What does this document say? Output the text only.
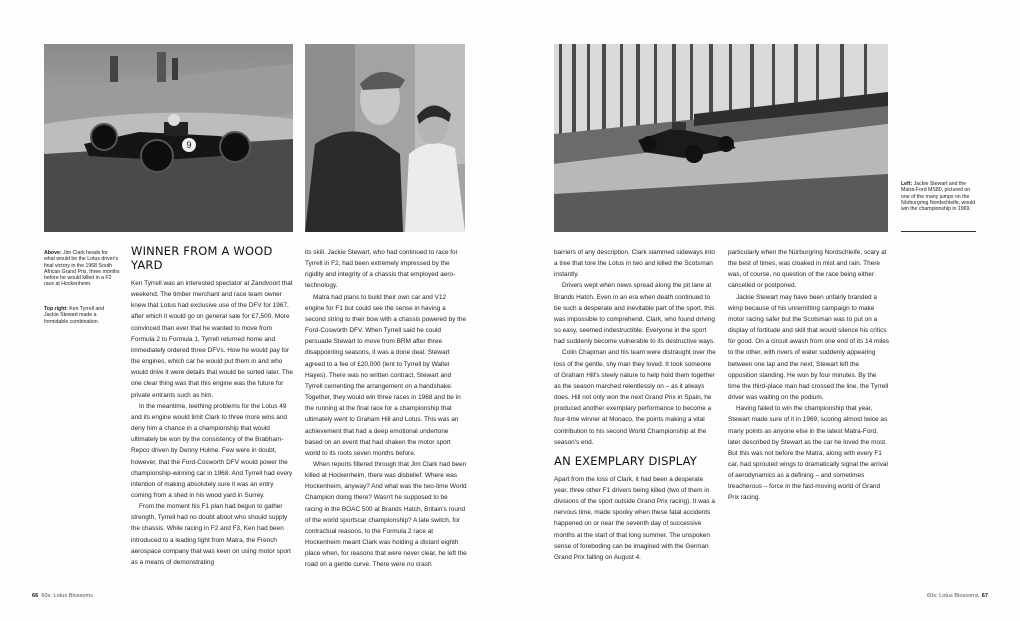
9
Above: Jim Clark heads for what would be the Lotus driver's final victory in the 1968 South African Grand Prix, three months before he would killed in a F2 race at Hockenheim.
Top right: Ken Tyrrell and Jackie Stewart made a formidable combination.
Left: Jackie Stewart and the Matra-Ford MS80, pictured on one of the many jumps on the Nürburgring Nordschleife, would win the championship in 1969.
WINNER FROM A WOOD YARD

Ken Tyrrell was an interested spectator at Zandvoort that weekend. The timber merchant and race team owner knew that Lotus had exclusive use of the DFV for 1967, after which it would go on general sale for £7,500. More convinced than ever that he wanted to move from Formula 2 to Formula 1, Tyrrell returned home and immediately ordered three DFVs. How he would pay for the engines, which car he would put them in and who would drive it were details that would be sorted later. The one clear thing was that this engine was the future for private entrants such as him.

In the meantime, teething problems for the Lotus 49 and its engine would limit Clark to three more wins and deny him a chance in a championship that would ultimately be won by the consistency of the Brabham-Repco driven by Denny Hulme. Few were in doubt, however, that the Ford-Cosworth DFV would power the championship-winning car in 1968. And Tyrrell had every intention of making absolutely sure it was an entry coming from a shed in his wood yard in Surrey.

From the moment his F1 plan had begun to gather strength, Tyrrell had no doubt about who should supply the chassis. While racing in F2 and F3, Ken had been introduced to a leading light from Matra, the French aerospace company that was keen on using motor sport as a means of demonstrating

its skill. Jackie Stewart, who had continued to race for Tyrrell in F2, had been extremely impressed by the rigidity and integrity of a chassis that employed aero-technology.

Matra had plans to build their own car and V12 engine for F1 but could see the sense in having a second string to their bow with a chassis powered by the Ford-Cosworth DFV. When Tyrrell said he could persuade Stewart to move from BRM after three disappointing seasons, it was a done deal. Stewart agreed to a fee of £20,000 (lent to Tyrrell by Walter Hayes). There was no written contract, Stewart and Tyrrell cementing the arrangement on a handshake. Together, they would win three races in 1968 and be in the running at the final race for a championship that ultimately went to Graham Hill and Lotus. This was an achievement that had a deep emotional undertone based on an event that had shaken the motor sport world to its roots seven months before.

When reports filtered through that Jim Clark had been killed at Hockenheim, there was disbelief. Where was Hockenheim, anyway? And what was the two-time World Champion doing there? Wasn't he supposed to be racing in the BOAC 500 at Brands Hatch, Britain's round of the world sportscar championship? A late switch, for contractual reasons, to the Formula 2 race at Hockenheim meant Clark was holding a distant eighth place when, for reasons that were never clear, he left the road on a gentle curve. There were no crash

barriers of any description. Clark slammed sideways into a tree that tore the Lotus in two and killed the Scotsman instantly.

Drivers wept when news spread along the pit lane at Brands Hatch. Even in an era when death continued to be such a desperate and inevitable part of the sport, this was impossible to comprehend. Clark, who found driving so easy, seemed indestructible. Everyone in the sport had suddenly become vulnerable to its destructive ways.

Colin Chapman and his team were distraught over the loss of the gentle, shy man they loved. It took someone of Graham Hill's steely nature to help hold them together as the season marched relentlessly on – as it always does. Hill not only won the next Grand Prix in Spain, he produced another exemplary performance to become a four-time winner at Monaco, the points making a vital contribution to his second World Championship at the season's end.

AN EXEMPLARY DISPLAY

Apart from the loss of Clark, it had been a desperate year, three other F1 drivers being killed (two of them in divisions of the sport outside Grand Prix racing). It was a nervous time, made spooky when these fatal accidents happened on or near the seventh day of successive months at the start of that long summer. The unspoken sense of foreboding can be imagined with the German Grand Prix falling on August 4.

particularly when the Nürburgring Nordschleife, scary at the best of times, was cloaked in mist and rain. There was, of course, no question of the race being either cancelled or postponed.

Jackie Stewart may have been unfairly branded a wimp because of his unremitting campaign to make motor racing safer but the Scotsman was to put on a display of fortitude and skill that would silence his critics for good. On a circuit awash from one end of its 14 miles to the other, with rivers of water suddenly appearing between one lap and the next, Stewart left the opposition standing. He won by four minutes. By the time the third-place man had crossed the line, the Tyrrell driver was waiting on the podium.

Having failed to win the championship that year, Stewart made sure of it in 1969, scoring almost twice as many points as anyone else in the latest Matra-Ford, later described by Stewart as the car he loved the most. But this was not before the Matra, along with every F1 car, had sprouted wings to dramatically signal the arrival of aerodynamics as a defining – and sometimes treacherous – force in the fast-moving world of Grand Prix racing.

66 60s: Lotus Blossoms	60s: Lotus Blossoms 67
